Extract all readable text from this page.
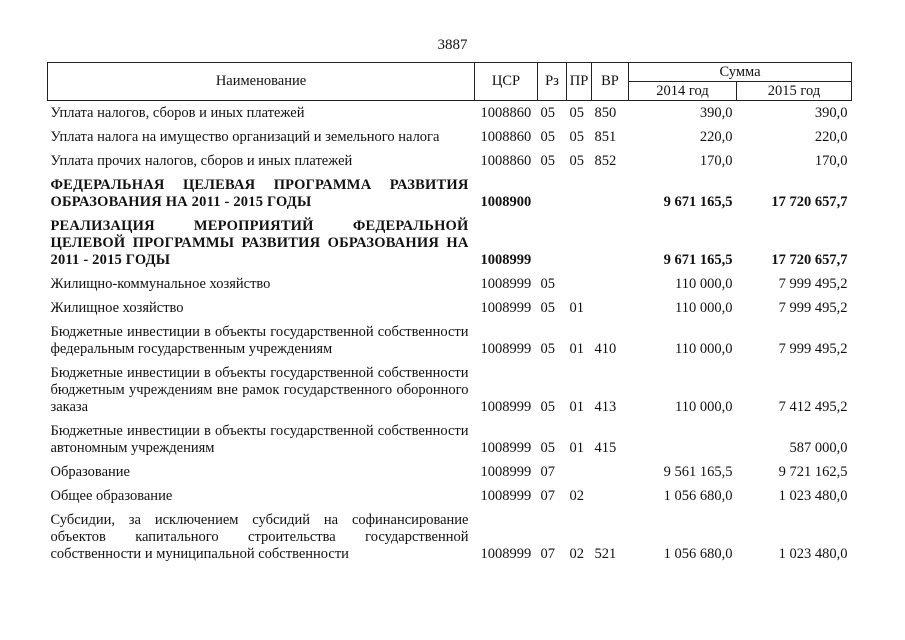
3887
Наименование	ЦСР	Рз	ПР	ВР	Сумма	
					2014 год	2015 год
Уплата налогов, сборов и иных платежей	1008860	05	05	850	390,0	390,0
Уплата налога на имущество организаций и земельного налога	1008860	05	05	851	220,0	220,0
Уплата прочих налогов, сборов и иных платежей	1008860	05	05	852	170,0	170,0
ФЕДЕРАЛЬНАЯ ЦЕЛЕВАЯ ПРОГРАММА РАЗВИТИЯ ОБРАЗОВАНИЯ НА 2011 - 2015 ГОДЫ	1008900				9 671 165,5	17 720 657,7
РЕАЛИЗАЦИЯ МЕРОПРИЯТИЙ ФЕДЕРАЛЬНОЙ ЦЕЛЕВОЙ ПРОГРАММЫ РАЗВИТИЯ ОБРАЗОВАНИЯ НА 2011 - 2015 ГОДЫ	1008999				9 671 165,5	17 720 657,7
Жилищно-коммунальное хозяйство	1008999	05			110 000,0	7 999 495,2
Жилищное хозяйство	1008999	05	01		110 000,0	7 999 495,2
Бюджетные инвестиции в объекты государственной собственности федеральным государственным учреждениям	1008999	05	01	410	110 000,0	7 999 495,2
Бюджетные инвестиции в объекты государственной собственности бюджетным учреждениям вне рамок государственного оборонного заказа	1008999	05	01	413	110 000,0	7 412 495,2
Бюджетные инвестиции в объекты государственной собственности автономным учреждениям	1008999	05	01	415		587 000,0
Образование	1008999	07			9 561 165,5	9 721 162,5
Общее образование	1008999	07	02		1 056 680,0	1 023 480,0
Субсидии, за исключением субсидий на софинансирование объектов капитального строительства государственной собственности и муниципальной собственности	1008999	07	02	521	1 056 680,0	1 023 480,0
